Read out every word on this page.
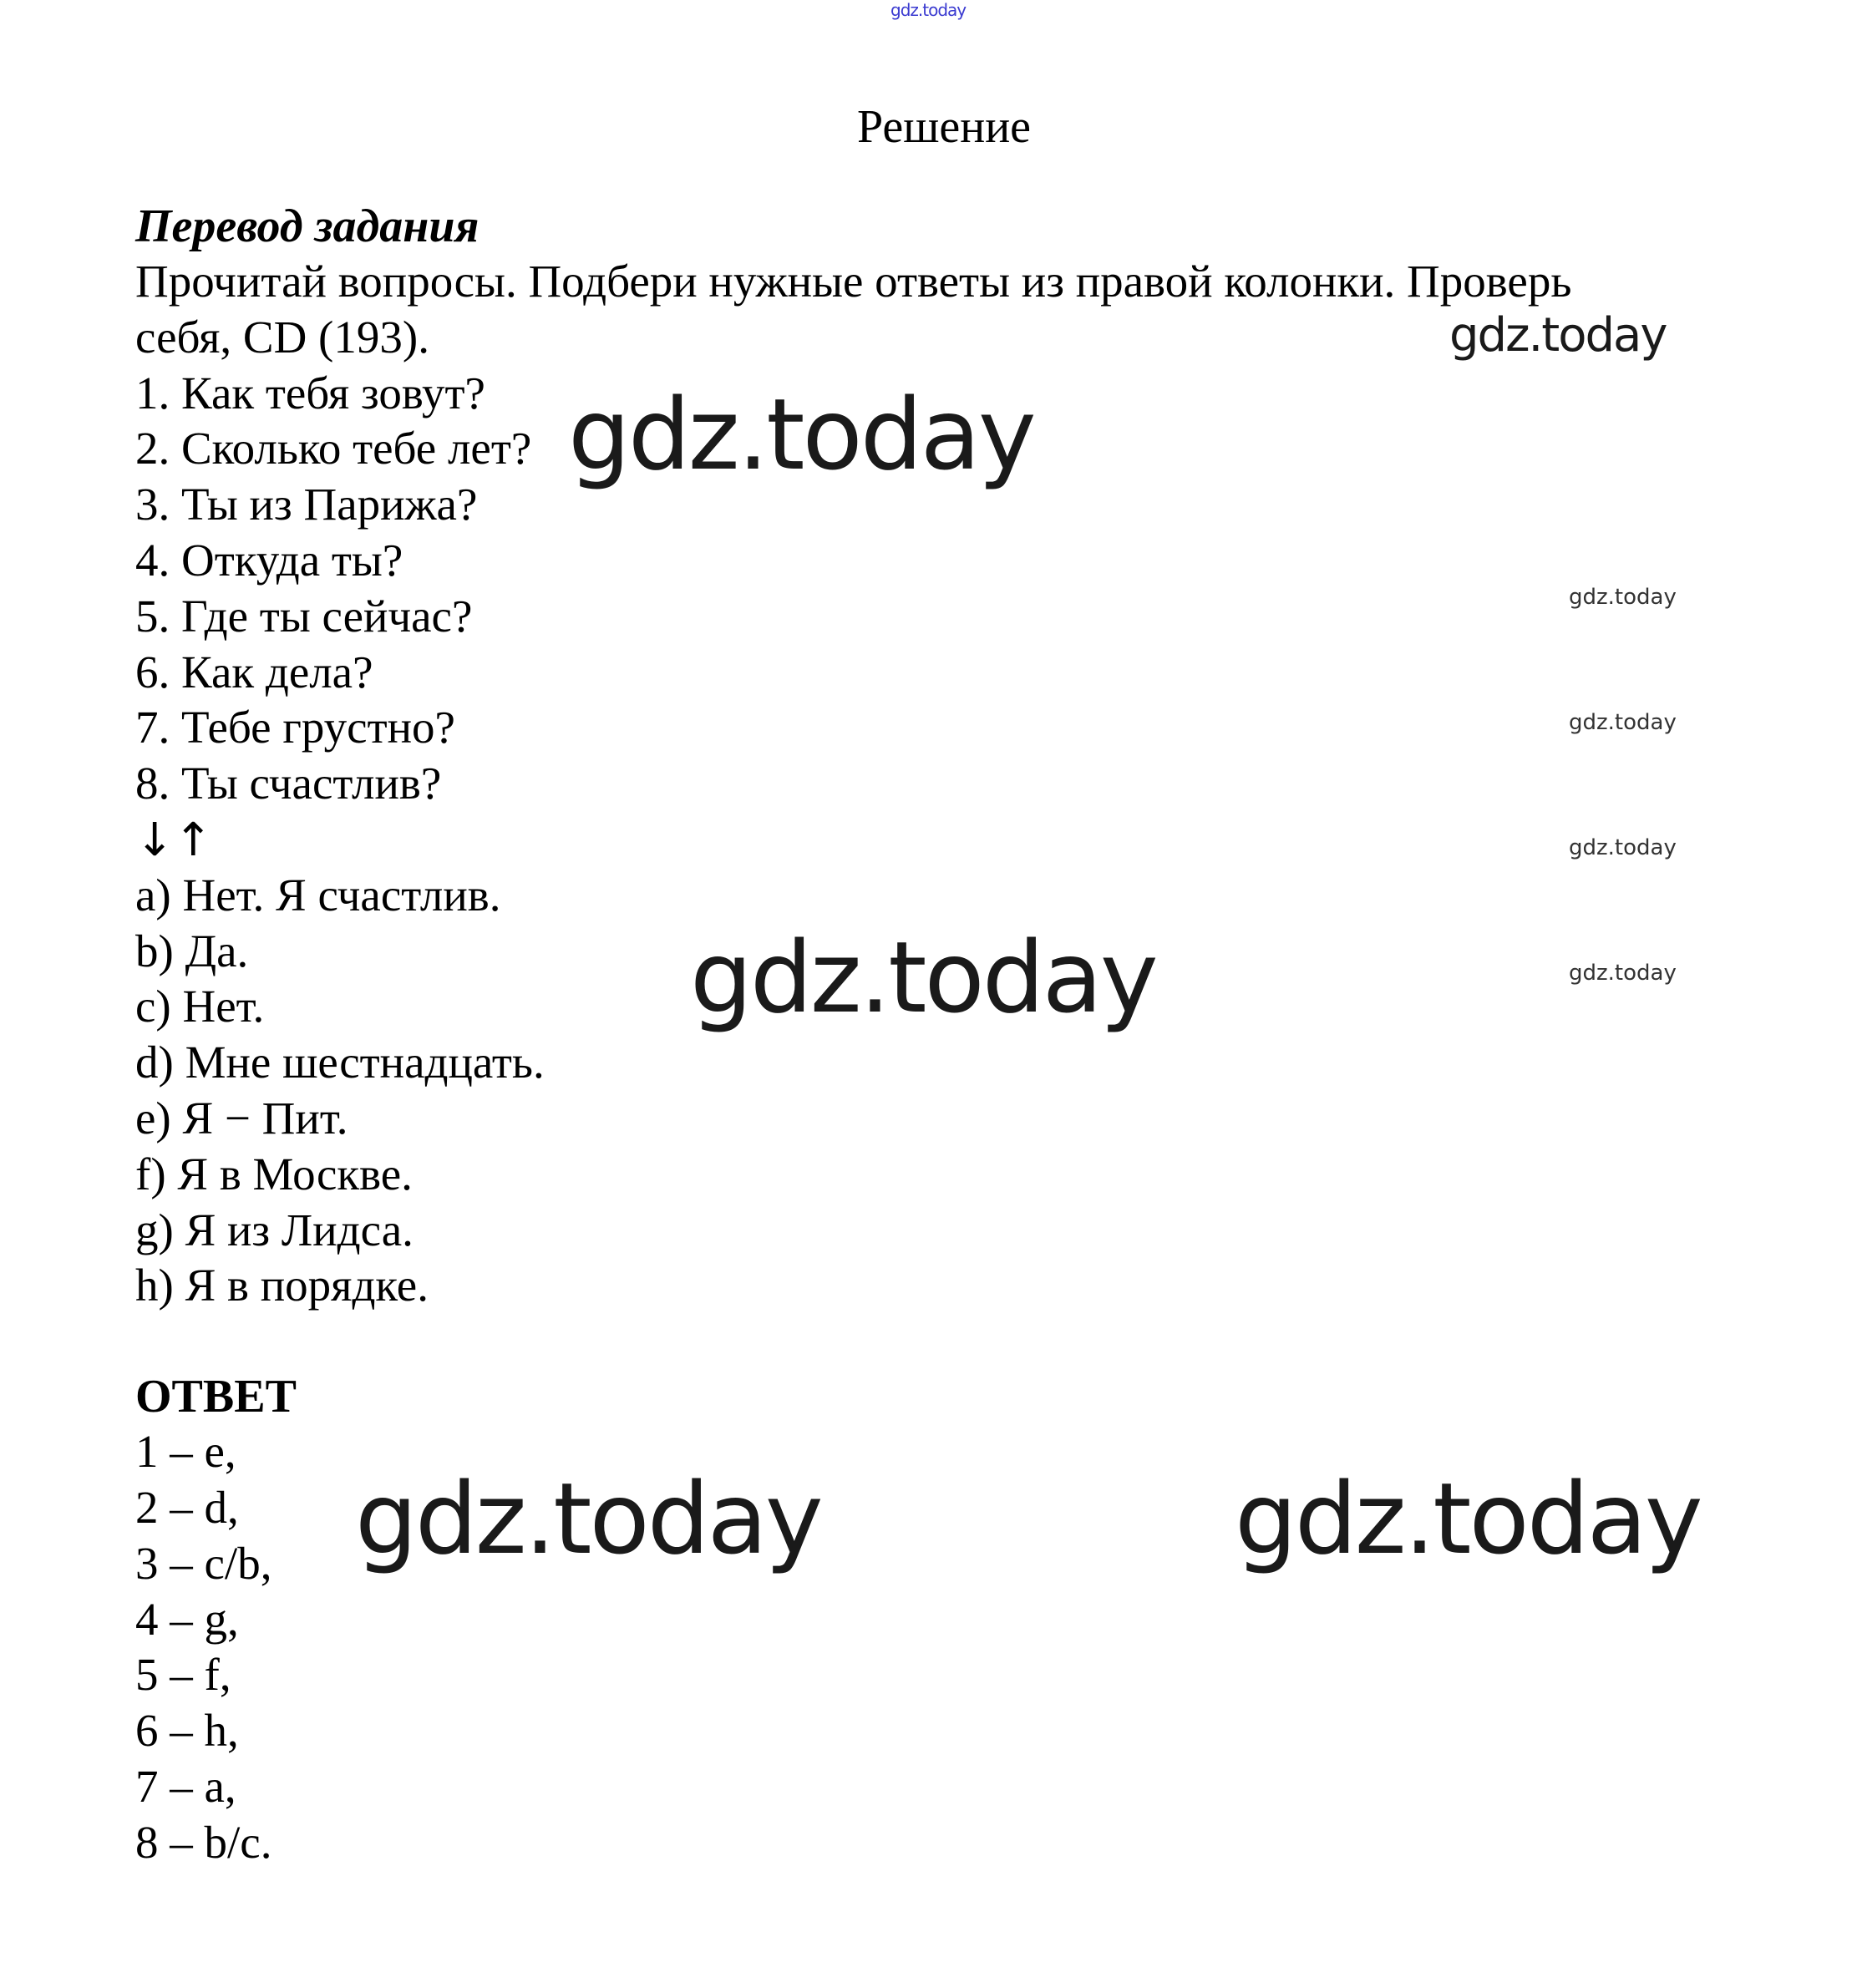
gdz.today
Решение
Перевод задания
Прочитай вопросы. Подбери нужные ответы из правой колонки. Проверь
себя, CD (193).
1. Как тебя зовут?
2. Сколько тебе лет?
3. Ты из Парижа?
4. Откуда ты?
5. Где ты сейчас?
6. Как дела?
7. Тебе грустно?
8. Ты счастлив?
↓↑
a) Нет. Я счастлив.
b) Да.
c) Нет.
d) Мне шестнадцать.
e) Я − Пит.
f) Я в Москве.
g) Я из Лидса.
h) Я в порядке.
ОТВЕТ
1 – e,
2 – d,
3 – c/b,
4 – g,
5 – f,
6 – h,
7 – a,
8 – b/c.
gdz.today
gdz.today
gdz.today
gdz.today
gdz.today
gdz.today
gdz.today
gdz.today	gdz.today
